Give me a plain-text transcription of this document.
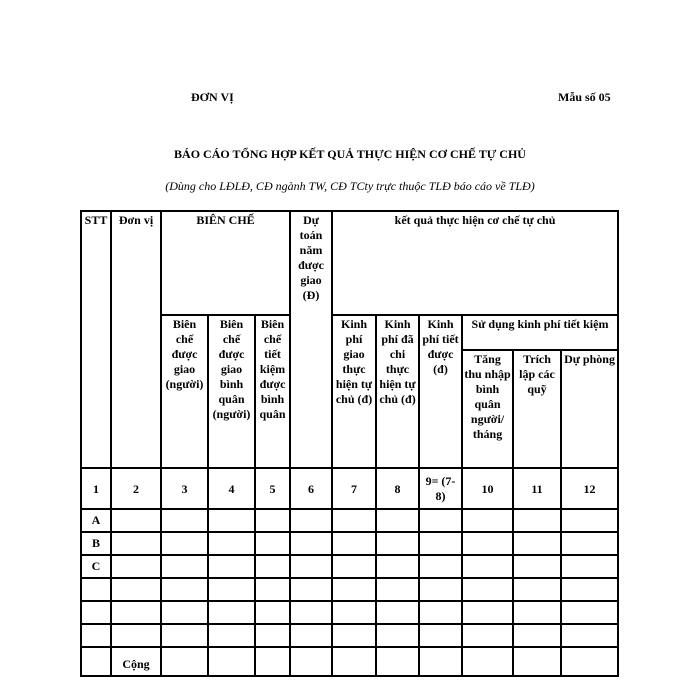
ĐƠN VỊ	Mẫu số 05
BÁO CÁO TỔNG HỢP KẾT QUẢ THỰC HIỆN CƠ CHẾ TỰ CHỦ
(Dùng cho LĐLĐ, CĐ ngành TW, CĐ TCty trực thuộc TLĐ báo cáo về TLĐ)
STT	Đơn vị	BIÊN CHẾ			Dự toán năm được giao (Đ)	kết quả thực hiện cơ chế tự chủ					
		Biên chế được giao (người)	Biên chế được giao bình quân (người)	Biên chế tiết kiệm được bình quân		Kinh phí giao thực hiện tự chủ (đ)	Kinh phí đã chi thực hiện tự chủ (đ)	Kinh phí tiết được (đ)	Sử dụng kinh phí tiết kiệm		
									Tăng thu nhập bình quân người/ tháng	Trích lập các quỹ	Dự phòng
1	2	3	4	5	6	7	8	9= (7-8)	10	11	12
A											
B											
C											

	Cộng										
